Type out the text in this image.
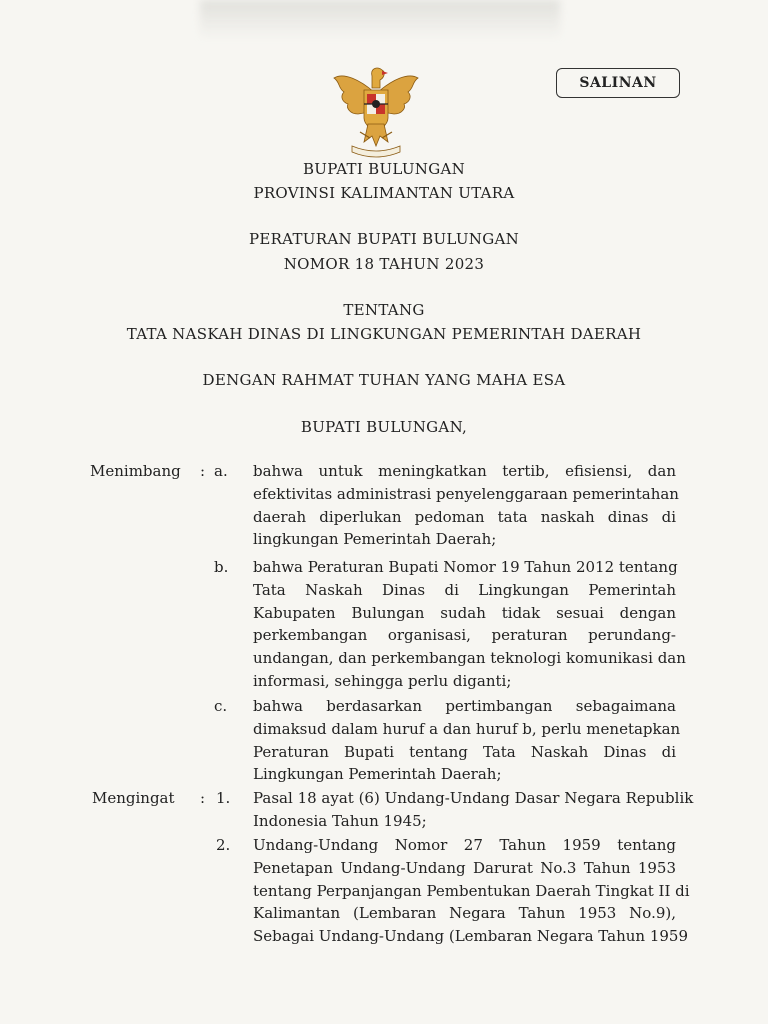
SALINAN
BUPATI BULUNGAN
PROVINSI KALIMANTAN UTARA
PERATURAN BUPATI BULUNGAN
NOMOR 18 TAHUN 2023
TENTANG
TATA NASKAH DINAS DI LINGKUNGAN PEMERINTAH DAERAH
DENGAN RAHMAT TUHAN YANG MAHA ESA
BUPATI BULUNGAN,
Menimbang : a. bahwa untuk meningkatkan tertib, efisiensi, dan
efektivitas administrasi penyelenggaraan pemerintahan
daerah diperlukan pedoman tata naskah dinas di
lingkungan Pemerintah Daerah;
b. bahwa Peraturan Bupati Nomor 19 Tahun 2012 tentang
Tata Naskah Dinas di Lingkungan Pemerintah
Kabupaten Bulungan sudah tidak sesuai dengan
perkembangan organisasi, peraturan perundang-
undangan, dan perkembangan teknologi komunikasi dan
informasi, sehingga perlu diganti;
c. bahwa berdasarkan pertimbangan sebagaimana
dimaksud dalam huruf a dan huruf b, perlu menetapkan
Peraturan Bupati tentang Tata Naskah Dinas di
Lingkungan Pemerintah Daerah;
Mengingat : 1. Pasal 18 ayat (6) Undang-Undang Dasar Negara Republik
Indonesia Tahun 1945;
2. Undang-Undang Nomor 27 Tahun 1959 tentang
Penetapan Undang-Undang Darurat No.3 Tahun 1953
tentang Perpanjangan Pembentukan Daerah Tingkat II di
Kalimantan (Lembaran Negara Tahun 1953 No.9),
Sebagai Undang-Undang (Lembaran Negara Tahun 1959
